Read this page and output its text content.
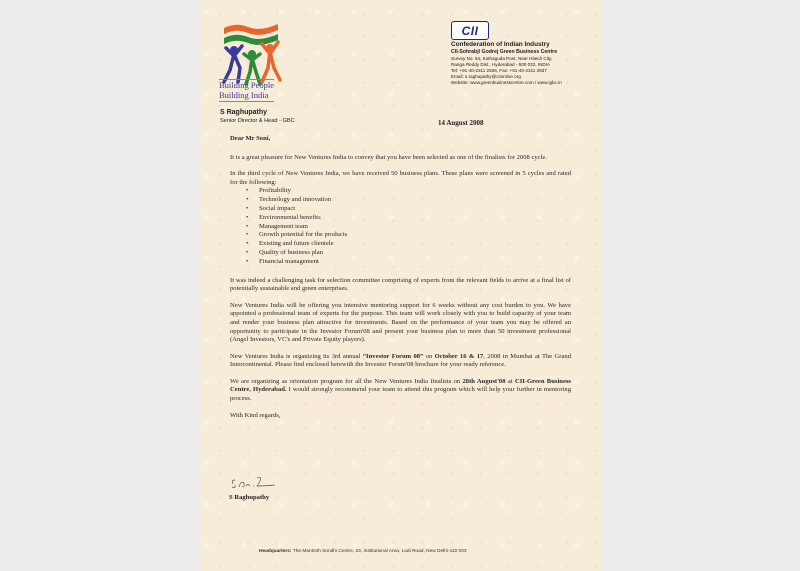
Building People
Building India
S Raghupathy
Senior Director & Head - GBC
CII
Confederation of Indian Industry
CII-Sohrabji Godrej Green Business Centre
Survey No. 64, Kothaguda Post, Near Hitech City,
Ranga Reddy Dist., Hyderabad - 500 032, INDIA
Tel: +91-40-2311 2836, Fax: +91-40-2311 2837
Email: s.raghupathy@ciionline.org
Website: www.greenbusinesscentre.com / www.igbc.in
14 August 2008

Dear Mr Soni,

It is a great pleasure for New Ventures India to convey that you have been selected as one of the finalists for 2008 cycle.

In the third cycle of New Ventures India, we have received 50 business plans. These plans were screened in 5 cycles and rated for the following:

• Profitability
• Technology and innovation
• Social impact
• Environmental benefits
• Management team
• Growth potential for the products
• Existing and future clientele
• Quality of business plan
• Financial management

It was indeed a challenging task for selection committee comprising of experts from the relevant fields to arrive at a final list of potentially sustainable and green enterprises.

New Ventures India will be offering you intensive mentoring support for 6 weeks without any cost burden to you. We have appointed a professional team of experts for the purpose. This team will work closely with you to build capacity of your team and render your business plan attractive for investments. Based on the performance of your team you may be offered an opportunity to participate in the Investor Forum'08 and present your business plan to more than 50 investment professional (Angel Investors, VC's and Private Equity players).

New Ventures India is organizing its 3rd annual “Investor Forum 08” on October 16 & 17, 2008 in Mumbai at The Grand Intercontinental. Please find enclosed herewith the Investor Forum'08 brochure for your ready reference.

We are organizing as orientation program for all the New Ventures India finalists on 28th August'08 at CII-Green Business Centre, Hyderabad. I would strongly recommend your team to attend this program which will help your further in mentoring process.

With Kind regards,

S Raghupathy
Headquarters: The Mantosh Sondhi Centre, 23, Institutional Area, Lodi Road, New Delhi-110 003
